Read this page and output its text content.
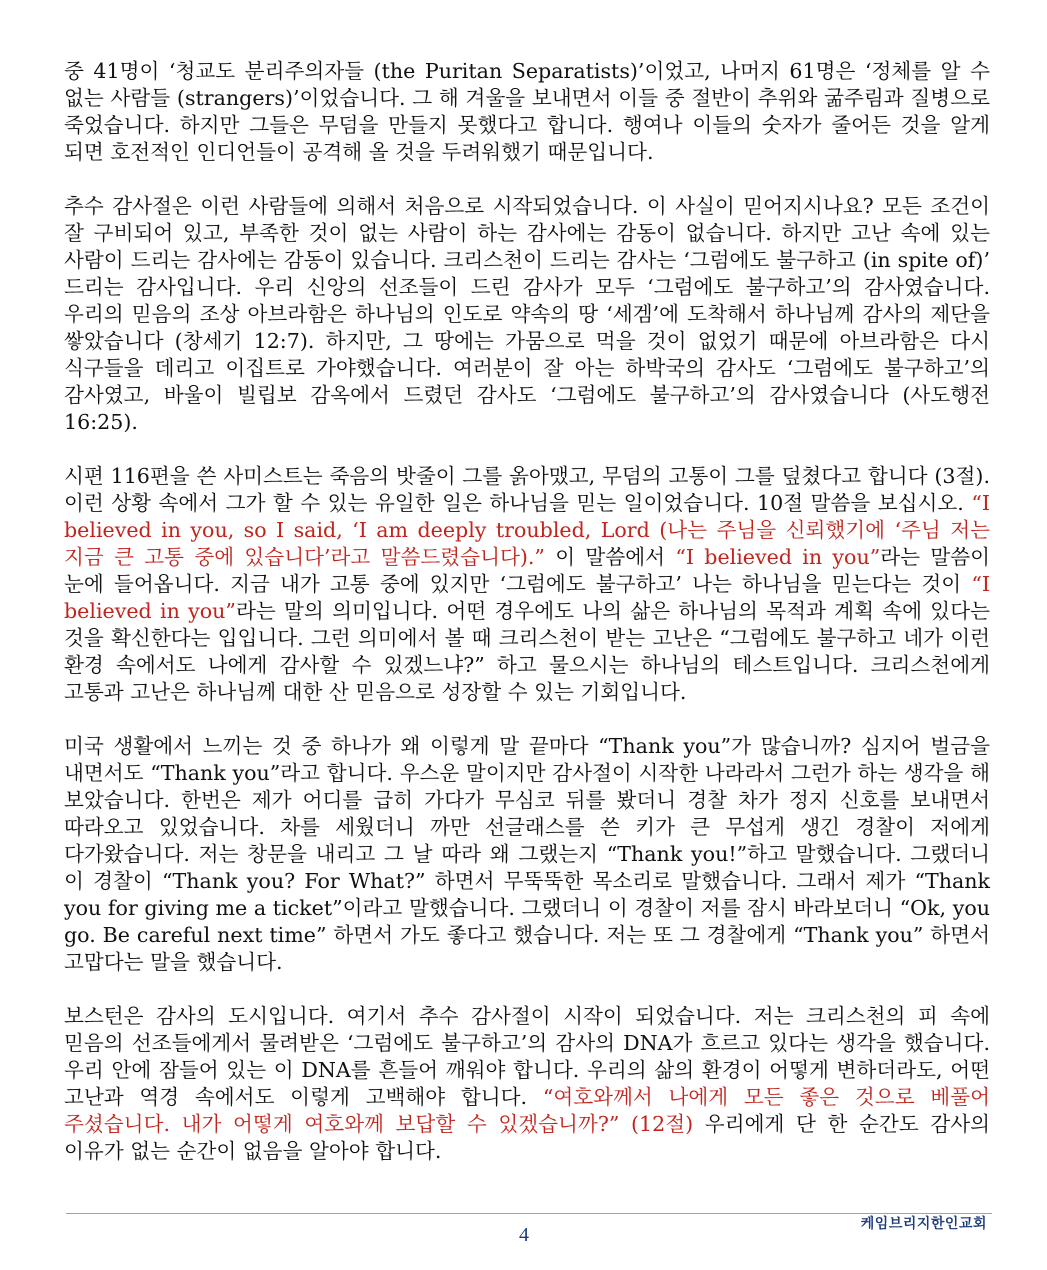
중 41명이 ‘청교도 분리주의자들 (the Puritan Separatists)’이었고, 나머지 61명은 ‘정체를 알 수 없는 사람들 (strangers)’이었습니다. 그 해 겨울을 보내면서 이들 중 절반이 추위와 굶주림과 질병으로 죽었습니다. 하지만 그들은 무덤을 만들지 못했다고 합니다. 행여나 이들의 숫자가 줄어든 것을 알게 되면 호전적인 인디언들이 공격해 올 것을 두려워했기 때문입니다.

추수 감사절은 이런 사람들에 의해서 처음으로 시작되었습니다. 이 사실이 믿어지시나요? 모든 조건이 잘 구비되어 있고, 부족한 것이 없는 사람이 하는 감사에는 감동이 없습니다. 하지만 고난 속에 있는 사람이 드리는 감사에는 감동이 있습니다. 크리스천이 드리는 감사는 ‘그럼에도 불구하고 (in spite of)’ 드리는 감사입니다. 우리 신앙의 선조들이 드린 감사가 모두 ‘그럼에도 불구하고’의 감사였습니다. 우리의 믿음의 조상 아브라함은 하나님의 인도로 약속의 땅 ‘세겜’에 도착해서 하나님께 감사의 제단을 쌓았습니다 (창세기 12:7). 하지만, 그 땅에는 가뭄으로 먹을 것이 없었기 때문에 아브라함은 다시 식구들을 데리고 이집트로 가야했습니다. 여러분이 잘 아는 하박국의 감사도 ‘그럼에도 불구하고’의 감사였고, 바울이 빌립보 감옥에서 드렸던 감사도 ‘그럼에도 불구하고’의 감사였습니다 (사도행전 16:25).

시편 116편을 쓴 사미스트는 죽음의 밧줄이 그를 옭아맸고, 무덤의 고통이 그를 덮쳤다고 합니다 (3절). 이런 상황 속에서 그가 할 수 있는 유일한 일은 하나님을 믿는 일이었습니다. 10절 말씀을 보십시오. “I believed in you, so I said, ‘I am deeply troubled, Lord (나는 주님을 신뢰했기에 ‘주님 저는 지금 큰 고통 중에 있습니다’라고 말씀드렸습니다).” 이 말씀에서 “I believed in you”라는 말씀이 눈에 들어옵니다. 지금 내가 고통 중에 있지만 ‘그럼에도 불구하고’ 나는 하나님을 믿는다는 것이 “I believed in you”라는 말의 의미입니다. 어떤 경우에도 나의 삶은 하나님의 목적과 계획 속에 있다는 것을 확신한다는 입입니다. 그런 의미에서 볼 때 크리스천이 받는 고난은 “그럼에도 불구하고 네가 이런 환경 속에서도 나에게 감사할 수 있겠느냐?” 하고 물으시는 하나님의 테스트입니다. 크리스천에게 고통과 고난은 하나님께 대한 산 믿음으로 성장할 수 있는 기회입니다.

미국 생활에서 느끼는 것 중 하나가 왜 이렇게 말 끝마다 “Thank you”가 많습니까? 심지어 벌금을 내면서도 “Thank you”라고 합니다. 우스운 말이지만 감사절이 시작한 나라라서 그런가 하는 생각을 해 보았습니다. 한번은 제가 어디를 급히 가다가 무심코 뒤를 봤더니 경찰 차가 정지 신호를 보내면서 따라오고 있었습니다. 차를 세웠더니 까만 선글래스를 쓴 키가 큰 무섭게 생긴 경찰이 저에게 다가왔습니다. 저는 창문을 내리고 그 날 따라 왜 그랬는지 “Thank you!”하고 말했습니다. 그랬더니 이 경찰이 “Thank you? For What?” 하면서 무뚝뚝한 목소리로 말했습니다. 그래서 제가 “Thank you for giving me a ticket”이라고 말했습니다. 그랬더니 이 경찰이 저를 잠시 바라보더니 “Ok, you go. Be careful next time” 하면서 가도 좋다고 했습니다. 저는 또 그 경찰에게 “Thank you” 하면서 고맙다는 말을 했습니다.

보스턴은 감사의 도시입니다. 여기서 추수 감사절이 시작이 되었습니다. 저는 크리스천의 피 속에 믿음의 선조들에게서 물려받은 ‘그럼에도 불구하고’의 감사의 DNA가 흐르고 있다는 생각을 했습니다. 우리 안에 잠들어 있는 이 DNA를 흔들어 깨워야 합니다. 우리의 삶의 환경이 어떻게 변하더라도, 어떤 고난과 역경 속에서도 이렇게 고백해야 합니다. “여호와께서 나에게 모든 좋은 것으로 베풀어 주셨습니다. 내가 어떻게 여호와께 보답할 수 있겠습니까?” (12절) 우리에게 단 한 순간도 감사의 이유가 없는 순간이 없음을 알아야 합니다.

4	케임브리지한인교회
